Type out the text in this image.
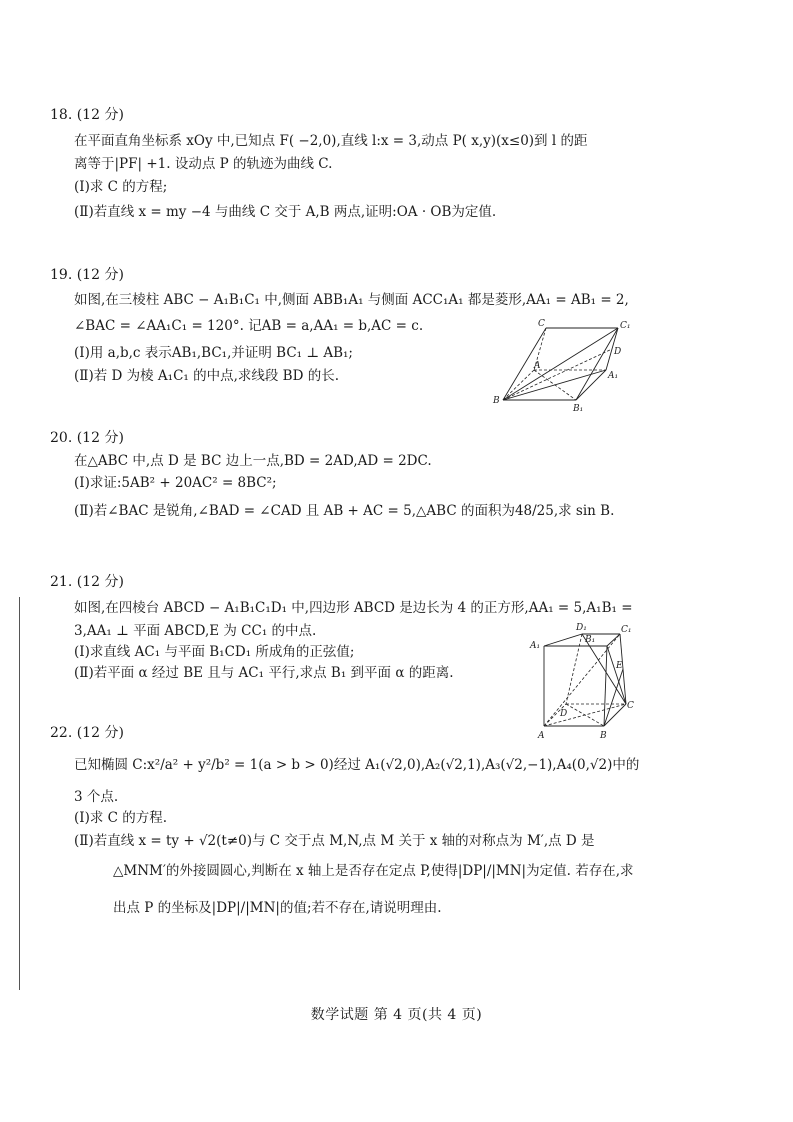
18. (12 分)
在平面直角坐标系 xOy 中,已知点 F( −2,0),直线 l:x = 3,动点 P( x,y)(x≤0)到 l 的距
离等于|PF| +1. 设动点 P 的轨迹为曲线 C.
(Ⅰ)求 C 的方程;
(Ⅱ)若直线 x = my −4 与曲线 C 交于 A,B 两点,证明:OA · OB为定值.
19. (12 分)
如图,在三棱柱 ABC − A₁B₁C₁ 中,侧面 ABB₁A₁ 与侧面 ACC₁A₁ 都是菱形,AA₁ = AB₁ = 2,
∠BAC = ∠AA₁C₁ = 120°. 记AB = a,AA₁ = b,AC = c.
(Ⅰ)用 a,b,c 表示AB₁,BC₁,并证明 BC₁ ⊥ AB₁;
(Ⅱ)若 D 为棱 A₁C₁ 的中点,求线段 BD 的长.
C	C₁
A
D
A₁
B
B₁
20. (12 分)
在△ABC 中,点 D 是 BC 边上一点,BD = 2AD,AD = 2DC.
(Ⅰ)求证:5AB² + 20AC² = 8BC²;
(Ⅱ)若∠BAC 是锐角,∠BAD = ∠CAD 且 AB + AC = 5,△ABC 的面积为48/25,求 sin B.
21. (12 分)
如图,在四棱台 ABCD − A₁B₁C₁D₁ 中,四边形 ABCD 是边长为 4 的正方形,AA₁ = 5,A₁B₁ =
3,AA₁ ⊥ 平面 ABCD,E 为 CC₁ 的中点.
(Ⅰ)求直线 AC₁ 与平面 B₁CD₁ 所成角的正弦值;
(Ⅱ)若平面 α 经过 BE 且与 AC₁ 平行,求点 B₁ 到平面 α 的距离.
D₁
B₁
C₁
A₁
E
D
C
A	B
22. (12 分)
已知椭圆 C:x²/a² + y²/b² = 1(a > b > 0)经过 A₁(√2,0),A₂(√2,1),A₃(√2,−1),A₄(0,√2)中的
3 个点.
(Ⅰ)求 C 的方程.
(Ⅱ)若直线 x = ty + √2(t≠0)与 C 交于点 M,N,点 M 关于 x 轴的对称点为 M′,点 D 是
△MNM′的外接圆圆心,判断在 x 轴上是否存在定点 P,使得|DP|/|MN|为定值. 若存在,求
出点 P 的坐标及|DP|/|MN|的值;若不存在,请说明理由.
数学试题 第 4 页(共 4 页)
